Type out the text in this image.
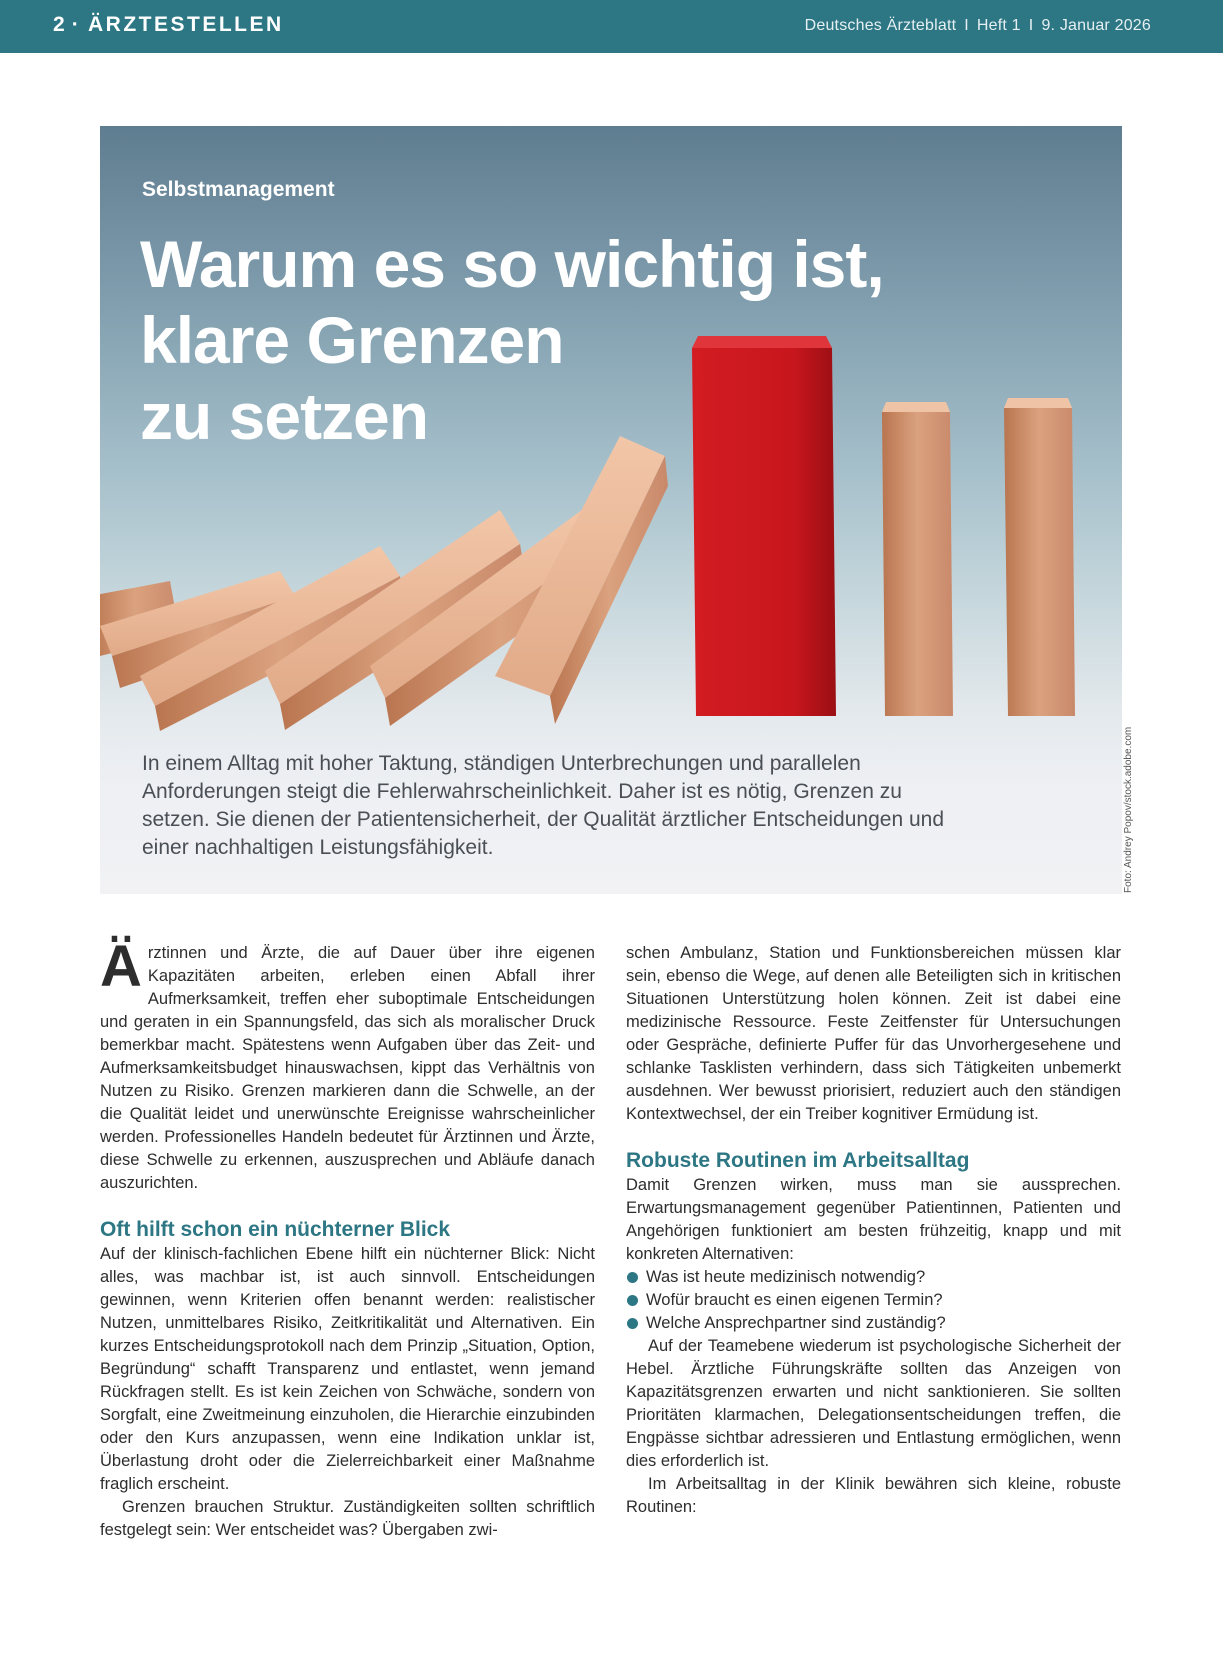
2 · ÄRZTESTELLEN	Deutsches Ärzteblatt I Heft 1 I 9. Januar 2026
Selbstmanagement
Warum es so wichtig ist,
klare Grenzen
zu setzen
In einem Alltag mit hoher Taktung, ständigen Unterbrechungen und parallelen
Anforderungen steigt die Fehlerwahrscheinlichkeit. Daher ist es nötig, Grenzen zu
setzen. Sie dienen der Patientensicherheit, der Qualität ärztlicher Entscheidungen und
einer nachhaltigen Leistungsfähigkeit.	Foto: Andrey Popov/stock.adobe.com

Ärztinnen und Ärzte, die auf Dauer über ihre eigenen Kapazitäten arbeiten, erleben einen Abfall ihrer Aufmerksamkeit, treffen eher suboptimale Entscheidungen und geraten in ein Spannungsfeld, das sich als moralischer Druck bemerkbar macht. Spätestens wenn Aufgaben über das Zeit- und Aufmerksamkeitsbudget hinauswachsen, kippt das Verhältnis von Nutzen zu Risiko. Grenzen markieren dann die Schwelle, an der die Qualität leidet und unerwünschte Ereignisse wahrscheinlicher werden. Professionelles Handeln bedeutet für Ärztinnen und Ärzte, diese Schwelle zu erkennen, auszusprechen und Abläufe danach auszurichten.

Oft hilft schon ein nüchterner Blick

Auf der klinisch-fachlichen Ebene hilft ein nüchterner Blick: Nicht alles, was machbar ist, ist auch sinnvoll. Entscheidungen gewinnen, wenn Kriterien offen benannt werden: realistischer Nutzen, unmittelbares Risiko, Zeitkritikalität und Alternativen. Ein kurzes Entscheidungsprotokoll nach dem Prinzip „Situation, Option, Begründung“ schafft Transparenz und entlastet, wenn jemand Rückfragen stellt. Es ist kein Zeichen von Schwäche, sondern von Sorgfalt, eine Zweitmeinung einzuholen, die Hierarchie einzubinden oder den Kurs anzupassen, wenn eine Indikation unklar ist, Überlastung droht oder die Zielerreichbarkeit einer Maßnahme fraglich erscheint.

Grenzen brauchen Struktur. Zuständigkeiten sollten schriftlich festgelegt sein: Wer entscheidet was? Übergaben zwi-

schen Ambulanz, Station und Funktionsbereichen müssen klar sein, ebenso die Wege, auf denen alle Beteiligten sich in kritischen Situationen Unterstützung holen können. Zeit ist dabei eine medizinische Ressource. Feste Zeitfenster für Untersuchungen oder Gespräche, definierte Puffer für das Unvorhergesehene und schlanke Tasklisten verhindern, dass sich Tätigkeiten unbemerkt ausdehnen. Wer bewusst priorisiert, reduziert auch den ständigen Kontextwechsel, der ein Treiber kognitiver Ermüdung ist.

Robuste Routinen im Arbeitsalltag

Damit Grenzen wirken, muss man sie aussprechen. Erwartungsmanagement gegenüber Patientinnen, Patienten und Angehörigen funktioniert am besten frühzeitig, knapp und mit konkreten Alternativen:

Was ist heute medizinisch notwendig?
Wofür braucht es einen eigenen Termin?
Welche Ansprechpartner sind zuständig?

Auf der Teamebene wiederum ist psychologische Sicherheit der Hebel. Ärztliche Führungskräfte sollten das Anzeigen von Kapazitätsgrenzen erwarten und nicht sanktionieren. Sie sollten Prioritäten klarmachen, Delegationsentscheidungen treffen, die Engpässe sichtbar adressieren und Entlastung ermöglichen, wenn dies erforderlich ist.

Im Arbeitsalltag in der Klinik bewähren sich kleine, robuste Routinen:
